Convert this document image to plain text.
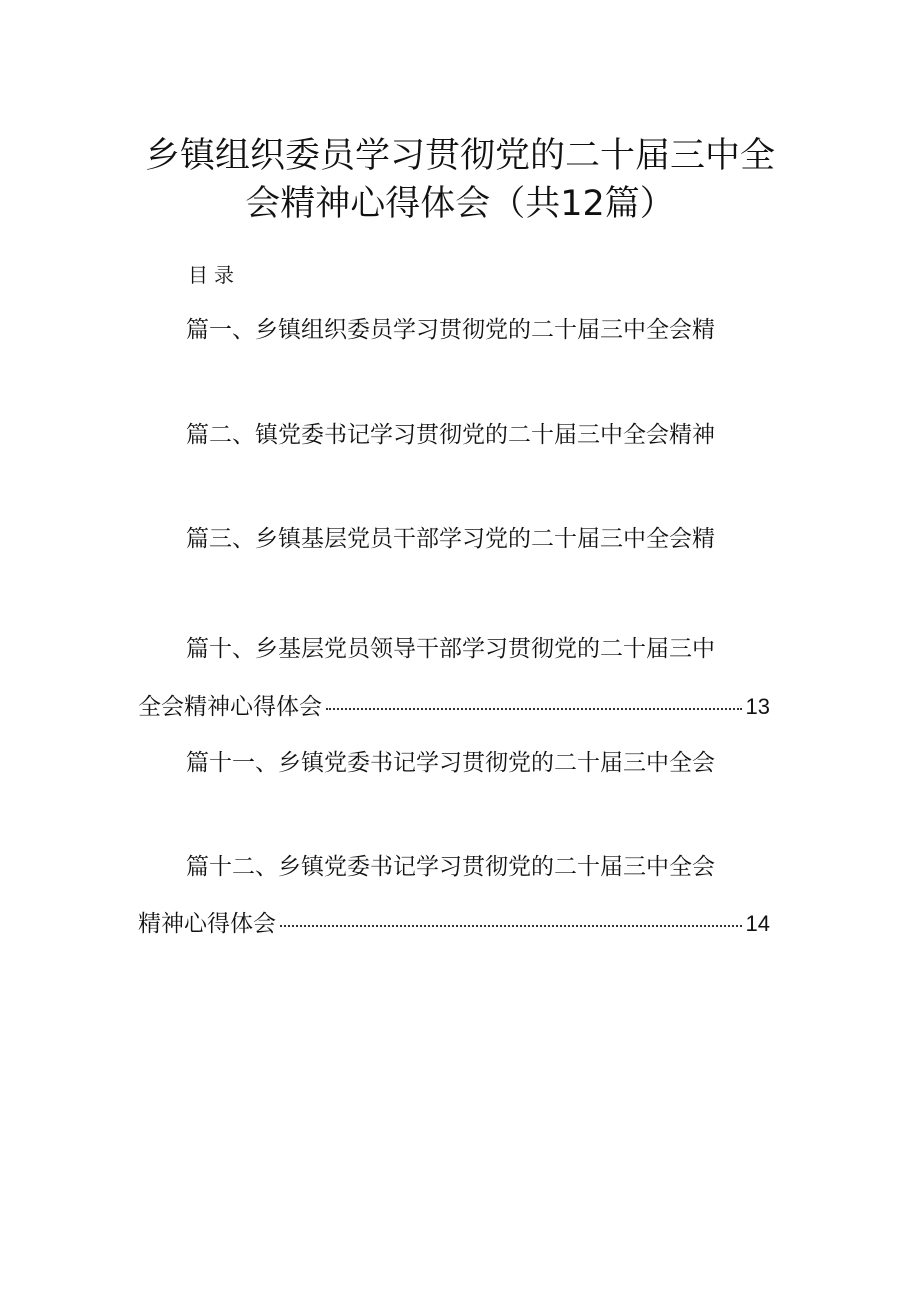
乡镇组织委员学习贯彻党的二十届三中全
会精神心得体会（共12篇）
目录
篇一、乡镇组织委员学习贯彻党的二十届三中全会精
篇二、镇党委书记学习贯彻党的二十届三中全会精神
篇三、乡镇基层党员干部学习党的二十届三中全会精
篇十、乡基层党员领导干部学习贯彻党的二十届三中
全会精神心得体会	13
篇十一、乡镇党委书记学习贯彻党的二十届三中全会
篇十二、乡镇党委书记学习贯彻党的二十届三中全会
精神心得体会	14
